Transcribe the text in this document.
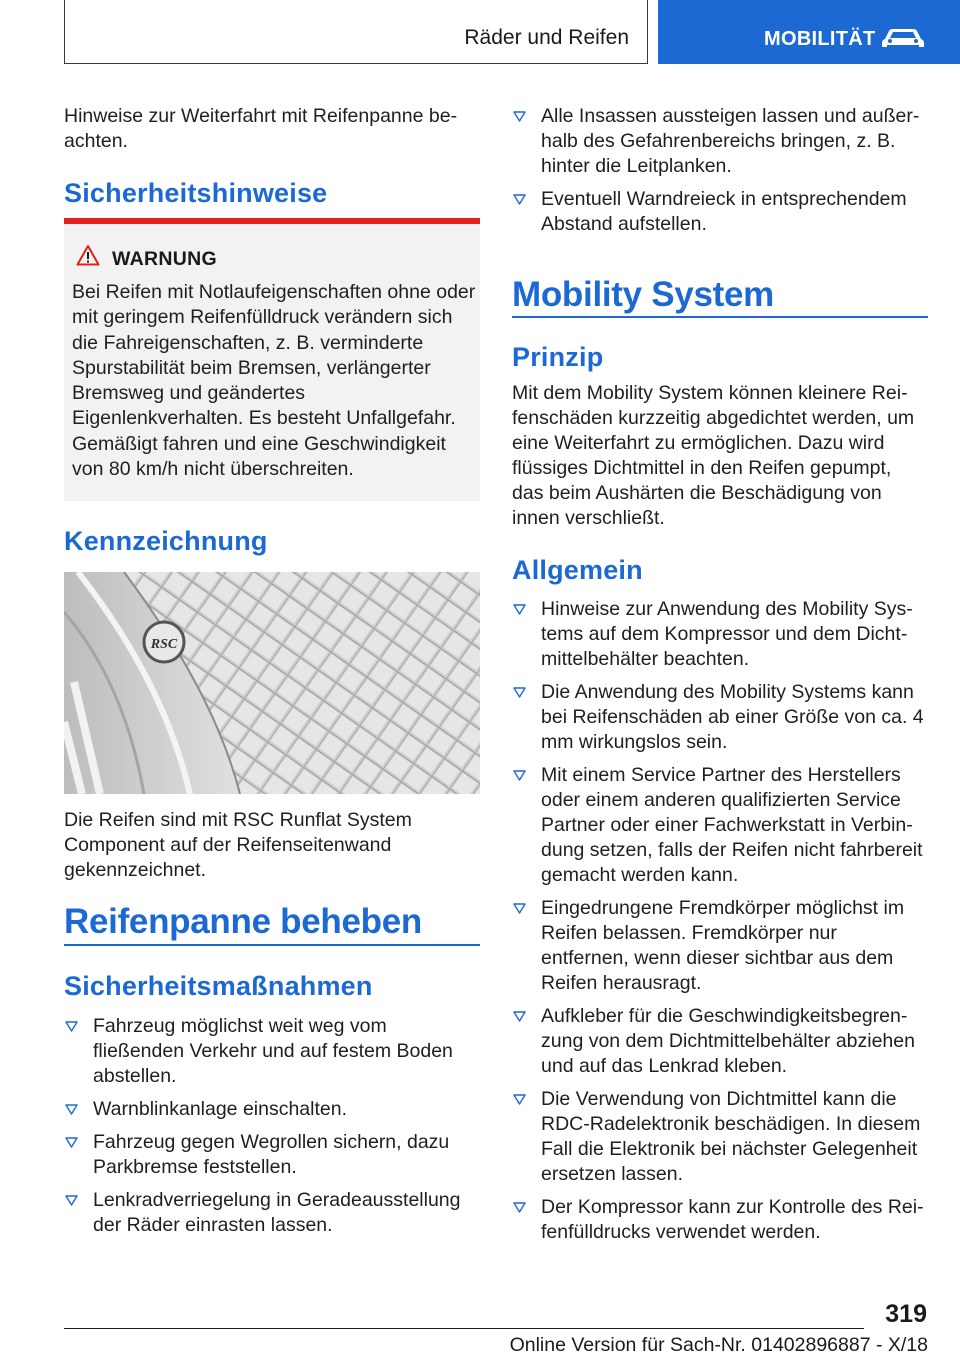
Räder und Reifen	MOBILITÄT

Hinweise zur Weiterfahrt mit Reifenpanne beachten.

Sicherheitshinweise
WARNUNG

Bei Reifen mit Notlaufeigenschaften ohne oder mit geringem Reifenfülldruck verändern sich die Fahreigenschaften, z. B. verminderte Spurstabilität beim Bremsen, verlängerter Bremsweg und geändertes Eigenlenkverhalten. Es besteht Unfallgefahr. Gemäßigt fahren und eine Geschwindigkeit von 80 km/h nicht überschreiten.

Kennzeichnung
RSC

Die Reifen sind mit RSC Runflat System Component auf der Reifenseitenwand gekennzeichnet.

Reifenpanne beheben
Sicherheitsmaßnahmen
Fahrzeug möglichst weit weg vom fließenden Verkehr und auf festem Boden abstellen.
Warnblinkanlage einschalten.
Fahrzeug gegen Wegrollen sichern, dazu Parkbremse feststellen.
Lenkradverriegelung in Geradeausstellung der Räder einrasten lassen.
Alle Insassen aussteigen lassen und außerhalb des Gefahrenbereichs bringen, z. B. hinter die Leitplanken.
Eventuell Warndreieck in entsprechendem Abstand aufstellen.
Mobility System
Prinzip

Mit dem Mobility System können kleinere Reifenschäden kurzzeitig abgedichtet werden, um eine Weiterfahrt zu ermöglichen. Dazu wird flüssiges Dichtmittel in den Reifen gepumpt, das beim Aushärten die Beschädigung von innen verschließt.

Allgemein
Hinweise zur Anwendung des Mobility Systems auf dem Kompressor und dem Dichtmittelbehälter beachten.
Die Anwendung des Mobility Systems kann bei Reifenschäden ab einer Größe von ca. 4 mm wirkungslos sein.
Mit einem Service Partner des Herstellers oder einem anderen qualifizierten Service Partner oder einer Fachwerkstatt in Verbindung setzen, falls der Reifen nicht fahrbereit gemacht werden kann.
Eingedrungene Fremdkörper möglichst im Reifen belassen. Fremdkörper nur entfernen, wenn dieser sichtbar aus dem Reifen herausragt.
Aufkleber für die Geschwindigkeitsbegrenzung von dem Dichtmittelbehälter abziehen und auf das Lenkrad kleben.
Die Verwendung von Dichtmittel kann die RDC-Radelektronik beschädigen. In diesem Fall die Elektronik bei nächster Gelegenheit ersetzen lassen.
Der Kompressor kann zur Kontrolle des Reifenfülldrucks verwendet werden.
319
Online Version für Sach-Nr. 01402896887 - X/18
